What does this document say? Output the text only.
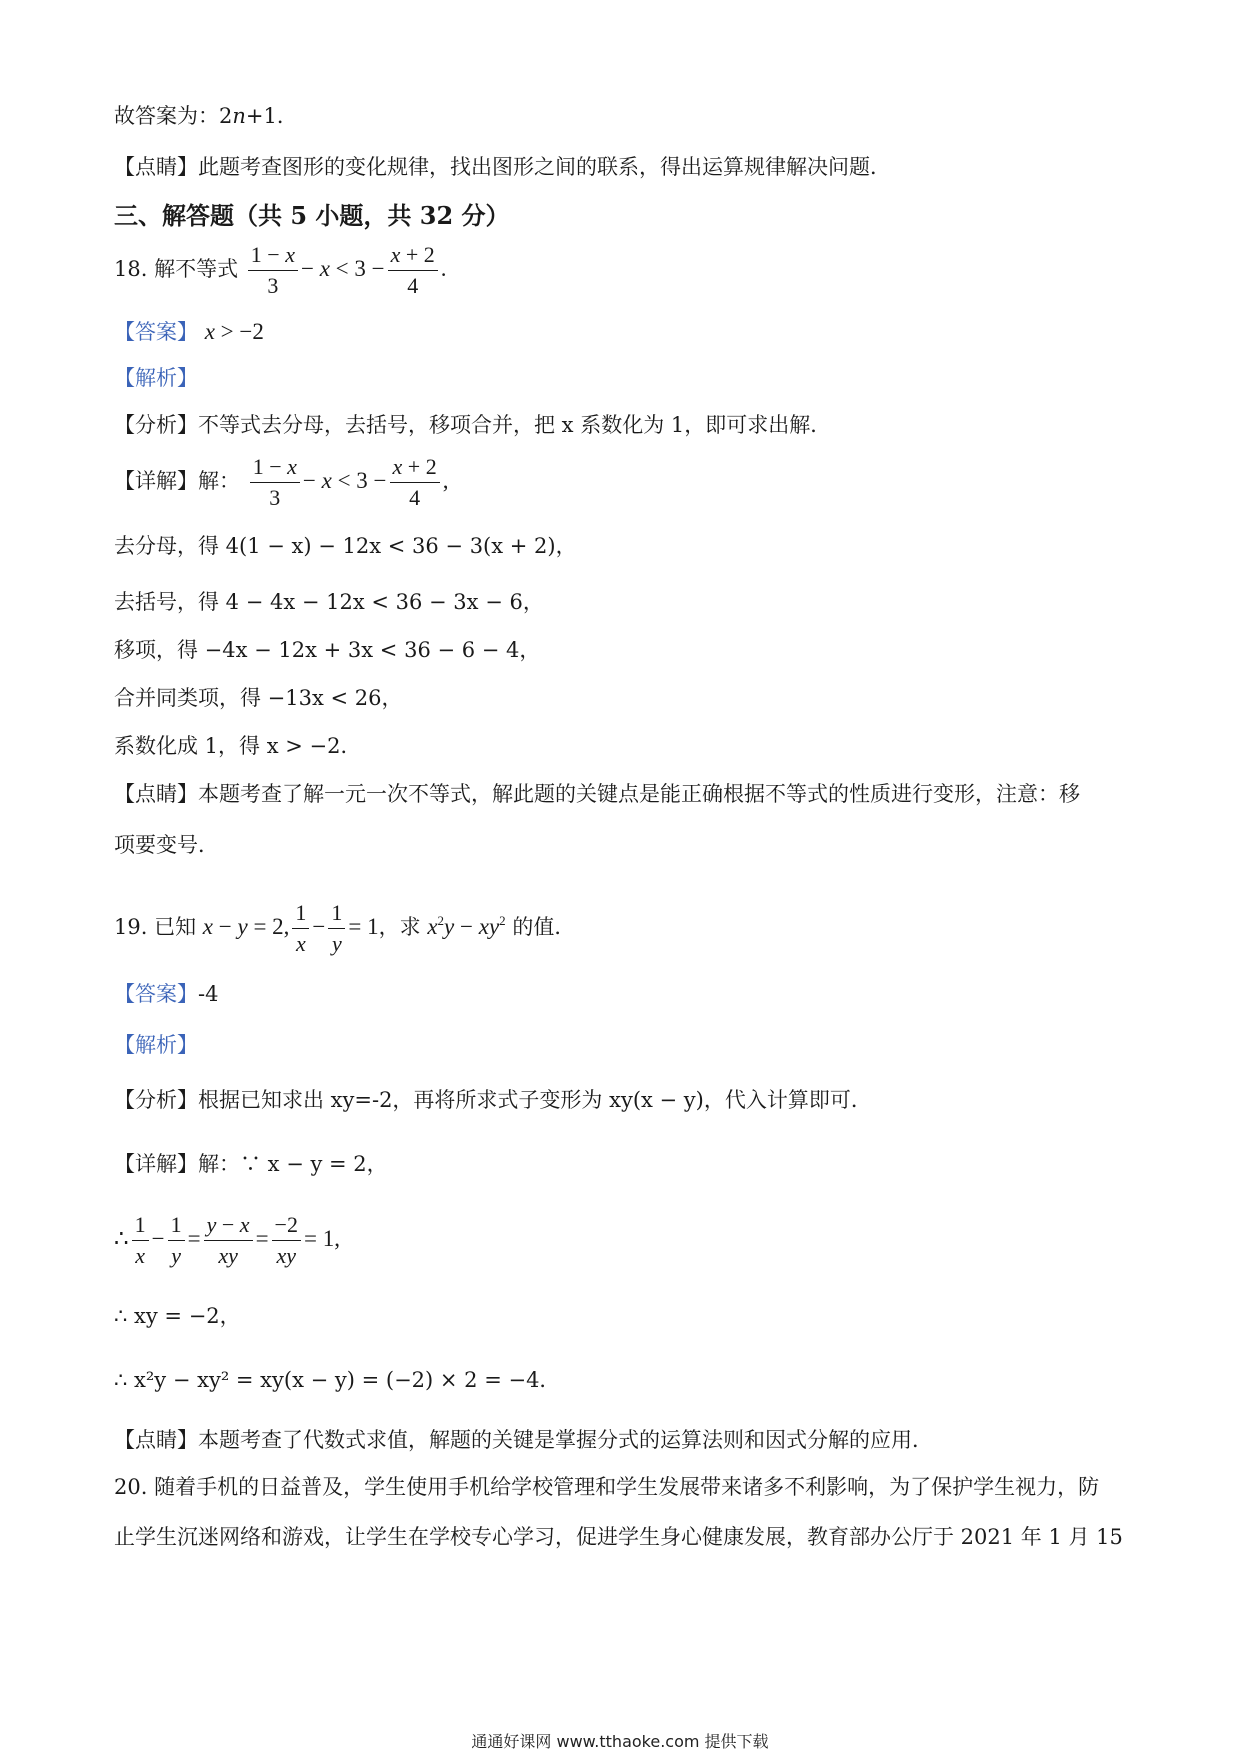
故答案为：2n+1．
【点睛】此题考查图形的变化规律，找出图形之间的联系，得出运算规律解决问题．
三、解答题（共 5 小题，共 32 分）
18. 解不等式 $\frac{1 - x}{3} - x < 3 - \frac{x + 2}{4}$ .
【答案】 x > −2
【解析】
【分析】不等式去分母，去括号，移项合并，把 x 系数化为 1，即可求出解．
【详解】解： $\frac{1 - x}{3} - x < 3 - \frac{x + 2}{4}$ ,
去分母，得 4(1 − x) − 12x < 36 − 3(x + 2)，
去括号，得 4 − 4x − 12x < 36 − 3x − 6，
移项，得 −4x − 12x + 3x < 36 − 6 − 4，
合并同类项，得 −13x < 26，
系数化成 1，得 x > −2．
【点睛】本题考查了解一元一次不等式，解此题的关键点是能正确根据不等式的性质进行变形，注意：移
项要变号．
19. 已知 x − y = 2, $\frac{1}{x} - \frac{1}{y} = 1$，求 $x^2y - xy^2$ 的值．
【答案】-4
【解析】
【分析】根据已知求出 xy=-2，再将所求式子变形为 xy(x − y)，代入计算即可．
【详解】解：∵ x − y = 2，
∴ $\frac{1}{x} - \frac{1}{y} = \frac{y - x}{xy} = \frac{-2}{xy} = 1$,
∴ xy = −2，
∴ x²y − xy² = xy(x − y) = (−2) × 2 = −4．
【点睛】本题考查了代数式求值，解题的关键是掌握分式的运算法则和因式分解的应用．
20. 随着手机的日益普及，学生使用手机给学校管理和学生发展带来诸多不利影响，为了保护学生视力，防
止学生沉迷网络和游戏，让学生在学校专心学习，促进学生身心健康发展，教育部办公厅于 2021 年 1 月 15
通通好课网 www.tthaoke.com 提供下载
